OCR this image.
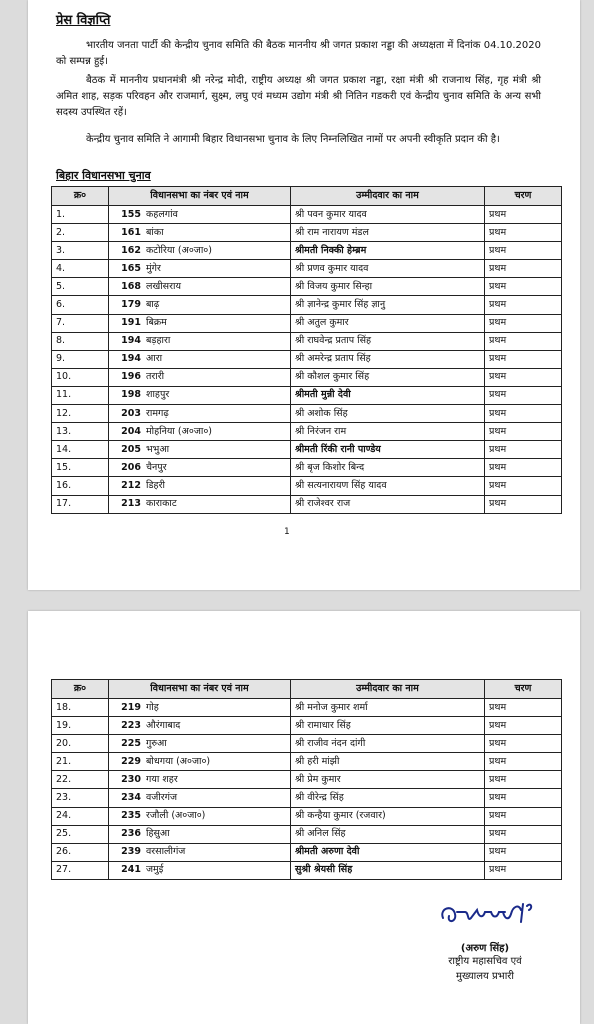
प्रेस विज्ञप्ति
भारतीय जनता पार्टी की केन्द्रीय चुनाव समिति की बैठक माननीय श्री जगत प्रकाश नड्डा की अध्यक्षता में दिनांक 04.10.2020 को सम्पन्न हुई।
बैठक में माननीय प्रधानमंत्री श्री नरेन्द्र मोदी, राष्ट्रीय अध्यक्ष श्री जगत प्रकाश नड्डा, रक्षा मंत्री श्री राजनाथ सिंह, गृह मंत्री श्री अमित शाह, सड़क परिवहन और राजमार्ग, सुक्ष्म, लघु एवं मध्यम उद्योग मंत्री श्री नितिन गडकरी एवं केन्द्रीय चुनाव समिति के अन्य सभी सदस्य उपस्थित रहें।
केन्द्रीय चुनाव समिति ने आगामी बिहार विधानसभा चुनाव के लिए निम्नलिखित नामों पर अपनी स्वीकृति प्रदान की है।
बिहार विधानसभा चुनाव
क्र०	विधानसभा का नंबर एवं नाम		उम्मीदवार का नाम	चरण
1.	155	कहलगांव	श्री पवन कुमार यादव	प्रथम
2.	161	बांका	श्री राम नारायण मंडल	प्रथम
3.	162	कटोरिया (अ०जा०)	श्रीमती निक्की हेम्ब्रम	प्रथम
4.	165	मुंगेर	श्री प्रणव कुमार यादव	प्रथम
5.	168	लखीसराय	श्री विजय कुमार सिन्हा	प्रथम
6.	179	बाढ़	श्री ज्ञानेन्द्र कुमार सिंह ज्ञानु	प्रथम
7.	191	बिक्रम	श्री अतुल कुमार	प्रथम
8.	194	बड़हारा	श्री राघवेन्द्र प्रताप सिंह	प्रथम
9.	194	आरा	श्री अमरेन्द्र प्रताप सिंह	प्रथम
10.	196	तरारी	श्री कौशल कुमार सिंह	प्रथम
11.	198	शाहपुर	श्रीमती मुन्नी देवी	प्रथम
12.	203	रामगढ़	श्री अशोक सिंह	प्रथम
13.	204	मोहनिया (अ०जा०)	श्री निरंजन राम	प्रथम
14.	205	भभुआ	श्रीमती रिंकी रानी पाण्डेय	प्रथम
15.	206	चैनपुर	श्री बृज किशोर बिन्द	प्रथम
16.	212	डिहरी	श्री सत्यनारायण सिंह यादव	प्रथम
17.	213	काराकाट	श्री राजेश्वर राज	प्रथम
1
क्र०	विधानसभा का नंबर एवं नाम		उम्मीदवार का नाम	चरण
18.	219	गोह	श्री मनोज कुमार शर्मा	प्रथम
19.	223	औरंगाबाद	श्री रामाधार सिंह	प्रथम
20.	225	गुरुआ	श्री राजीव नंदन दांगी	प्रथम
21.	229	बोधगया (अ०जा०)	श्री हरी मांझी	प्रथम
22.	230	गया शहर	श्री प्रेम कुमार	प्रथम
23.	234	वजीरगंज	श्री वीरेन्द्र सिंह	प्रथम
24.	235	रजौली (अ०जा०)	श्री कन्हैया कुमार (रजवार)	प्रथम
25.	236	हिसुआ	श्री अनिल सिंह	प्रथम
26.	239	वरसालीगंज	श्रीमती अरुणा देवी	प्रथम
27.	241	जमुई	सुश्री श्रेयसी सिंह	प्रथम
(अरुण सिंह)
राष्ट्रीय महासचिव एवं
मुख्यालय प्रभारी
